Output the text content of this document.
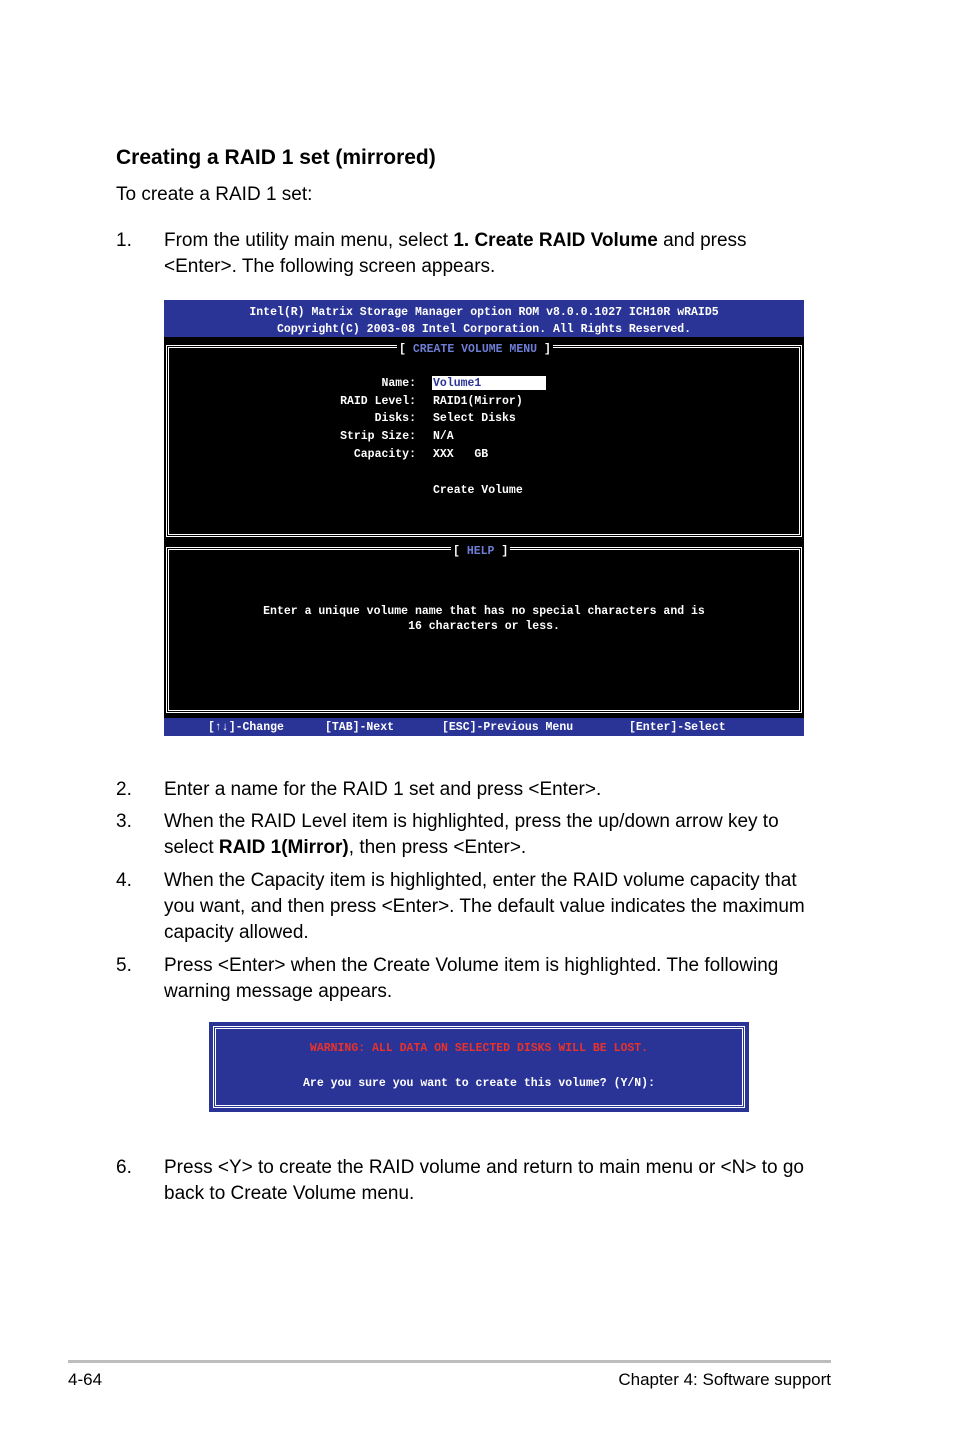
Creating a RAID 1 set (mirrored)
To create a RAID 1 set:
1. From the utility main menu, select 1. Create RAID Volume and press
<Enter>. The following screen appears.
Intel(R) Matrix Storage Manager option ROM v8.0.0.1027 ICH10R wRAID5
Copyright(C) 2003-08 Intel Corporation. All Rights Reserved.
[ CREATE VOLUME MENU ]
Name: Volume1
RAID Level: RAID1(Mirror)
Disks: Select Disks
Strip Size: N/A
Capacity: XXX   GB
Create Volume
[ HELP ]
Enter a unique volume name that has no special characters and is
16 characters or less.
[↑↓]-Change	[TAB]-Next	[ESC]-Previous Menu	[Enter]-Select
2. Enter a name for the RAID 1 set and press <Enter>.
3. When the RAID Level item is highlighted, press the up/down arrow key to
select RAID 1(Mirror), then press <Enter>.
4. When the Capacity item is highlighted, enter the RAID volume capacity that
you want, and then press <Enter>. The default value indicates the maximum
capacity allowed.
5. Press <Enter> when the Create Volume item is highlighted. The following
warning message appears.
WARNING: ALL DATA ON SELECTED DISKS WILL BE LOST.
Are you sure you want to create this volume? (Y/N):
6. Press <Y> to create the RAID volume and return to main menu or <N> to go
back to Create Volume menu.
4-64	Chapter 4: Software support
